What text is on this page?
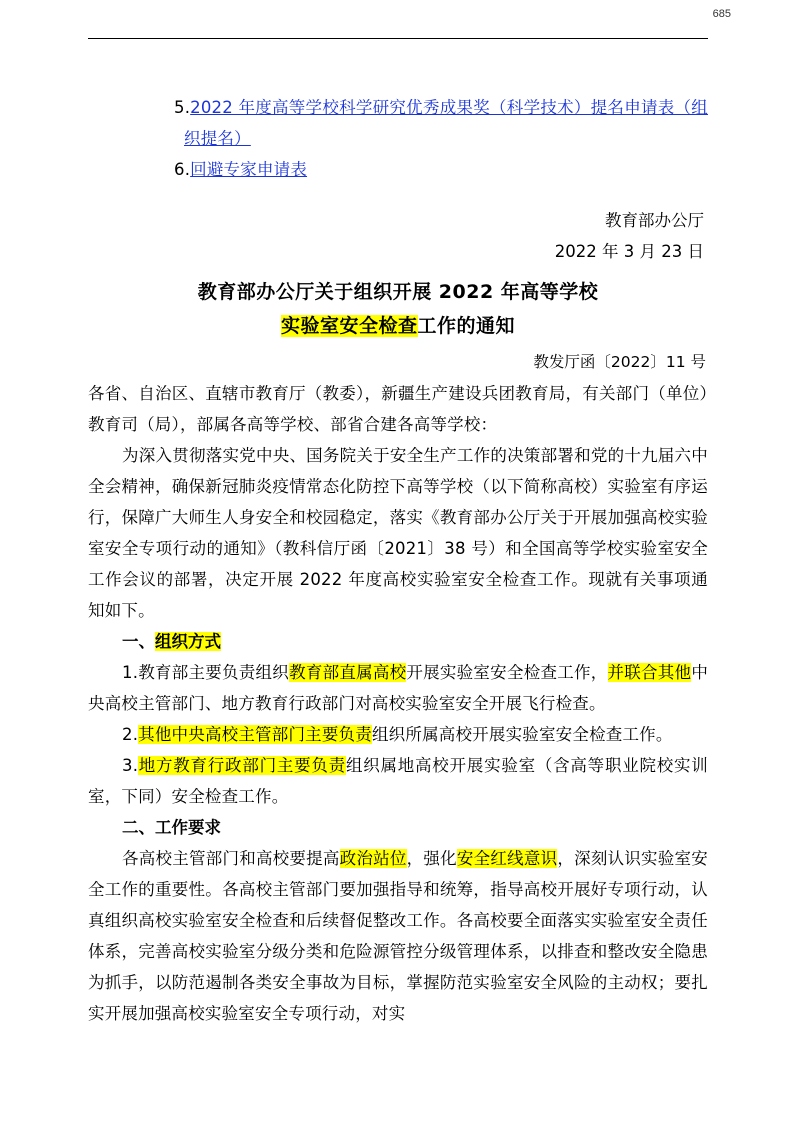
685

5.2022 年度高等学校科学研究优秀成果奖（科学技术）提名申请表（组织提名）

6.回避专家申请表

教育部办公厅

2022 年 3 月 23 日

教育部办公厅关于组织开展 2022 年高等学校

实验室安全检查工作的通知

教发厅函〔2022〕11 号

各省、自治区、直辖市教育厅（教委），新疆生产建设兵团教育局，有关部门（单位）教育司（局），部属各高等学校、部省合建各高等学校：

为深入贯彻落实党中央、国务院关于安全生产工作的决策部署和党的十九届六中全会精神，确保新冠肺炎疫情常态化防控下高等学校（以下简称高校）实验室有序运行，保障广大师生人身安全和校园稳定，落实《教育部办公厅关于开展加强高校实验室安全专项行动的通知》（教科信厅函〔2021〕38 号）和全国高等学校实验室安全工作会议的部署，决定开展 2022 年度高校实验室安全检查工作。现就有关事项通知如下。

一、组织方式

1.教育部主要负责组织教育部直属高校开展实验室安全检查工作，并联合其他中央高校主管部门、地方教育行政部门对高校实验室安全开展飞行检查。

2.其他中央高校主管部门主要负责组织所属高校开展实验室安全检查工作。

3.地方教育行政部门主要负责组织属地高校开展实验室（含高等职业院校实训室，下同）安全检查工作。

二、工作要求

各高校主管部门和高校要提高政治站位，强化安全红线意识，深刻认识实验室安全工作的重要性。各高校主管部门要加强指导和统筹，指导高校开展好专项行动，认真组织高校实验室安全检查和后续督促整改工作。各高校要全面落实实验室安全责任体系，完善高校实验室分级分类和危险源管控分级管理体系，以排查和整改安全隐患为抓手，以防范遏制各类安全事故为目标，掌握防范实验室安全风险的主动权；要扎实开展加强高校实验室安全专项行动，对实
